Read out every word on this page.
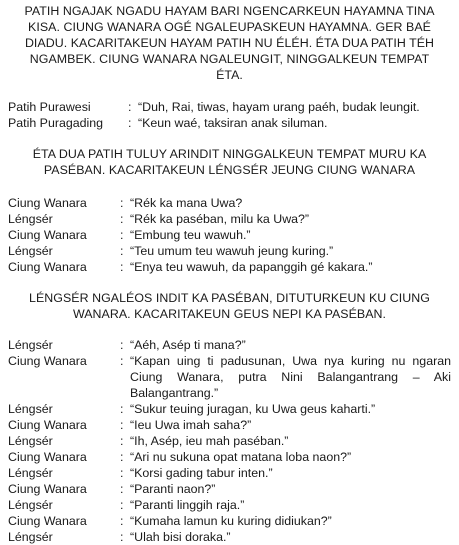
PATIH NGAJAK NGADU HAYAM BARI NGENCARKEUN HAYAMNA TINA
KISA. CIUNG WANARA OGÉ NGALEUPASKEUN HAYAMNA. GER BAÉ
DIADU. KACARITAKEUN HAYAM PATIH NU ÉLÉH. ÉTA DUA PATIH TÉH
NGAMBEK. CIUNG WANARA NGALEUNGIT, NINGGALKEUN TEMPAT
ÉTA.
Patih Purawesi	: “Duh, Rai, tiwas, hayam urang paéh, budak leungit.
Patih Puragading	: “Keun waé, taksiran anak siluman.
ÉTA DUA PATIH TULUY ARINDIT NINGGALKEUN TEMPAT MURU KA
PASÉBAN. KACARITAKEUN LÉNGSÉR JEUNG CIUNG WANARA
Ciung Wanara	: “Rék ka mana Uwa?
Léngsér	: “Rék ka paséban, milu ka Uwa?”
Ciung Wanara	: “Embung teu wawuh.”
Léngsér	: “Teu umum teu wawuh jeung kuring.”
Ciung Wanara	: “Enya teu wawuh, da papanggih gé kakara.”
LÉNGSÉR NGALÉOS INDIT KA PASÉBAN, DITUTURKEUN KU CIUNG
WANARA. KACARITAKEUN GEUS NEPI KA PASÉBAN.
Léngsér	: “Aéh, Asép ti mana?”
Ciung Wanara	: “Kapan uing ti padusunan, Uwa nya kuring nu ngaran Ciung Wanara, putra Nini Balangantrang – Aki Balangantrang.”
Léngsér	: “Sukur teuing juragan, ku Uwa geus kaharti.”
Ciung Wanara	: “Ieu Uwa imah saha?”
Léngsér	: “Ih, Asép, ieu mah paséban.”
Ciung Wanara	: “Ari nu sukuna opat matana loba naon?”
Léngsér	: “Korsi gading tabur inten.”
Ciung Wanara	: “Paranti naon?”
Léngsér	: “Paranti linggih raja.”
Ciung Wanara	: “Kumaha lamun ku kuring didiukan?”
Léngsér	: “Ulah bisi doraka.”
